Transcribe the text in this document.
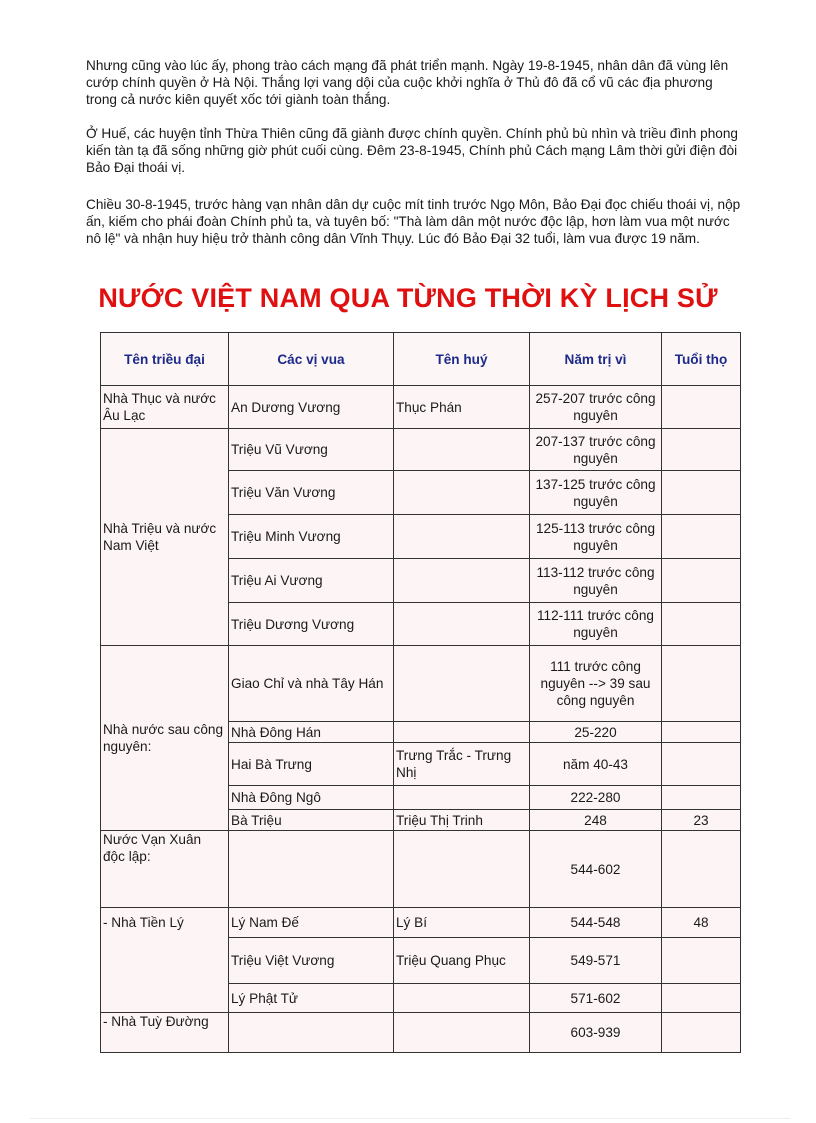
Nhưng cũng vào lúc ấy, phong trào cách mạng đã phát triển mạnh. Ngày 19-8-1945, nhân dân đã vùng lên cướp chính quyền ở Hà Nội. Thắng lợi vang dội của cuộc khởi nghĩa ở Thủ đô đã cổ vũ các địa phương trong cả nước kiên quyết xốc tới giành toàn thắng.

Ở Huế, các huyện tỉnh Thừa Thiên cũng đã giành được chính quyền. Chính phủ bù nhìn và triều đình phong kiến tàn tạ đã sống những giờ phút cuối cùng. Đêm 23-8-1945, Chính phủ Cách mạng Lâm thời gửi điện đòi Bảo Đại thoái vị.

Chiều 30-8-1945, trước hàng vạn nhân dân dự cuộc mít tinh trước Ngọ Môn, Bảo Đại đọc chiếu thoái vị, nộp ấn, kiếm cho phái đoàn Chính phủ ta, và tuyên bố: "Thà làm dân một nước độc lập, hơn làm vua một nước nô lệ" và nhận huy hiệu trở thành công dân Vĩnh Thụy. Lúc đó Bảo Đại 32 tuổi, làm vua được 19 năm.

NƯỚC VIỆT NAM QUA TỪNG THỜI KỲ LỊCH SỬ
Tên triều đại	Các vị vua	Tên huý	Năm trị vì	Tuổi thọ
Nhà Thục và nước Âu Lạc	An Dương Vương	Thục Phán	257-207 trước công nguyên	
Nhà Triệu và nước Nam Việt	Triệu Vũ Vương		207-137 trước công nguyên	
	Triệu Văn Vương		137-125 trước công nguyên	
	Triệu Minh Vương		125-113 trước công nguyên	
	Triệu Ai Vương		113-112 trước công nguyên	
	Triệu Dương Vương		112-111 trước công nguyên	
Nhà nước sau công nguyên:	Giao Chỉ và nhà Tây Hán		111 trước công nguyên --> 39 sau công nguyên	
	Nhà Đông Hán		25-220	
	Hai Bà Trưng	Trưng Trắc - Trưng Nhị	năm 40-43	
	Nhà Đông Ngô		222-280	
	Bà Triệu	Triệu Thị Trinh	248	23
Nước Vạn Xuân độc lập:			544-602	
- Nhà Tiền Lý	Lý Nam Đế	Lý Bí	544-548	48
	Triệu Việt Vương	Triệu Quang Phục	549-571	
	Lý Phật Tử		571-602	
- Nhà Tuỳ Đường			603-939	
